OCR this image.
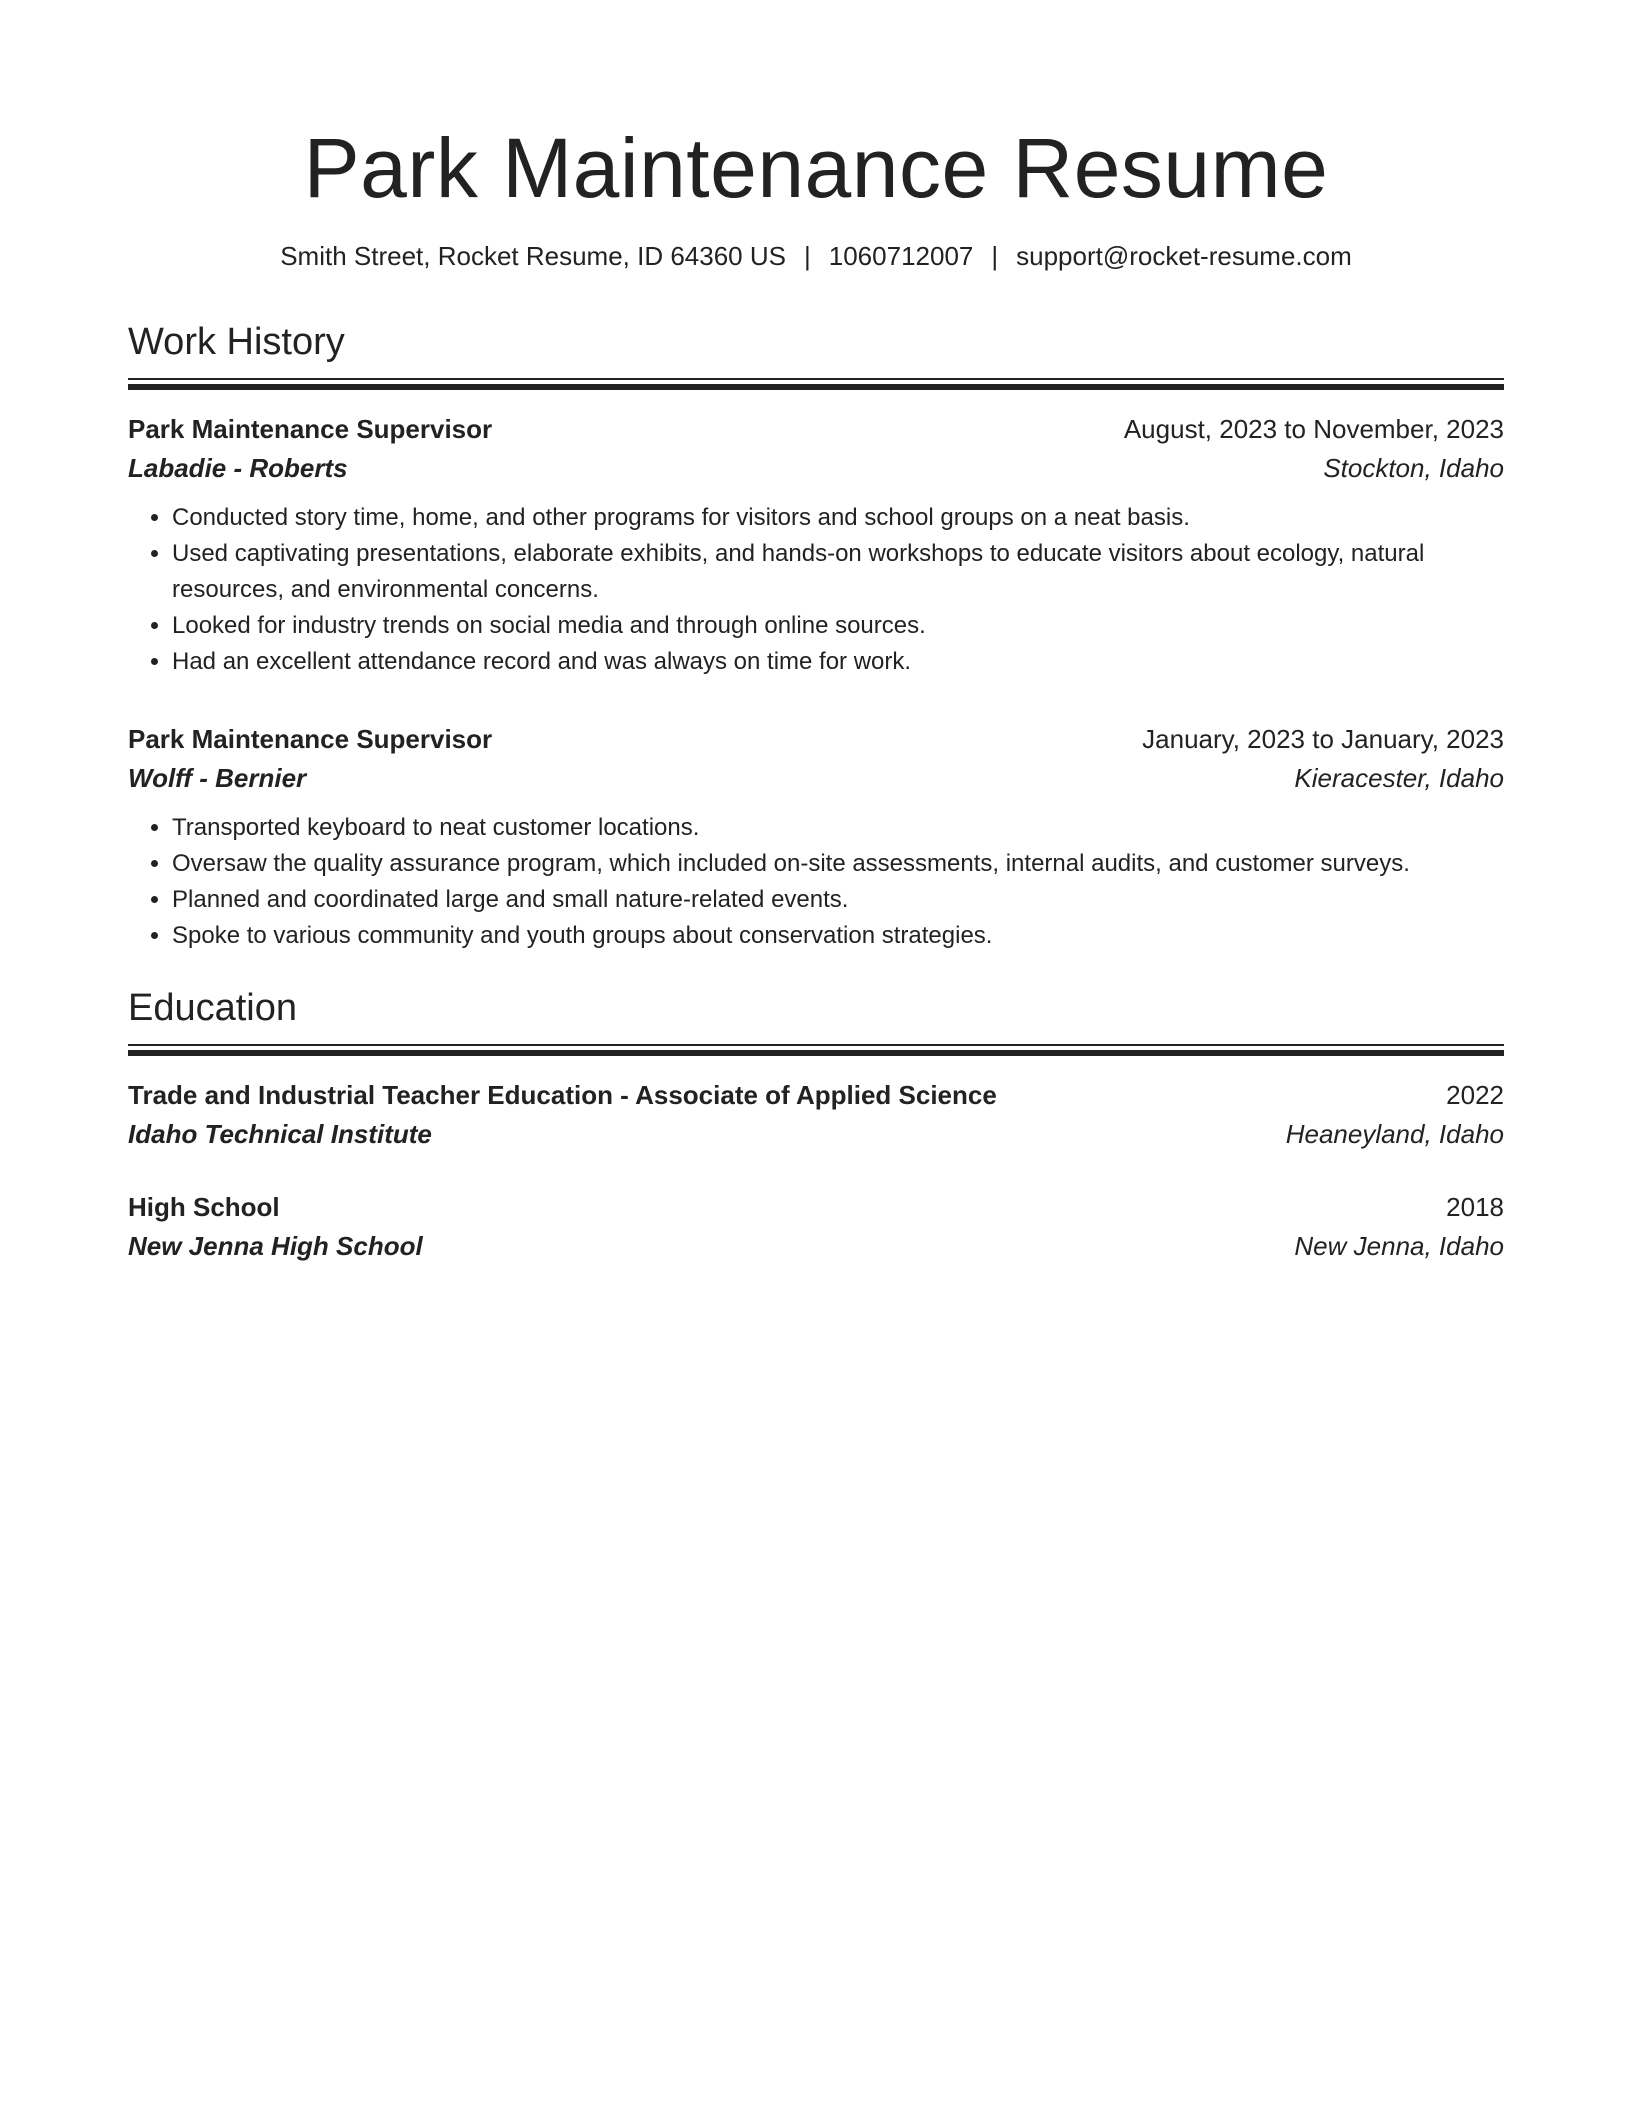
Park Maintenance Resume
Smith Street, Rocket Resume, ID 64360 US | 1060712007 | support@rocket-resume.com
Work History
Park Maintenance Supervisor	August, 2023 to November, 2023
Labadie - Roberts	Stockton, Idaho
• Conducted story time, home, and other programs for visitors and school groups on a neat basis.
• Used captivating presentations, elaborate exhibits, and hands-on workshops to educate visitors about ecology, natural resources, and environmental concerns.
• Looked for industry trends on social media and through online sources.
• Had an excellent attendance record and was always on time for work.
Park Maintenance Supervisor	January, 2023 to January, 2023
Wolff - Bernier	Kieracester, Idaho
• Transported keyboard to neat customer locations.
• Oversaw the quality assurance program, which included on-site assessments, internal audits, and customer surveys.
• Planned and coordinated large and small nature-related events.
• Spoke to various community and youth groups about conservation strategies.
Education
Trade and Industrial Teacher Education - Associate of Applied Science	2022
Idaho Technical Institute	Heaneyland, Idaho
High School	2018
New Jenna High School	New Jenna, Idaho
